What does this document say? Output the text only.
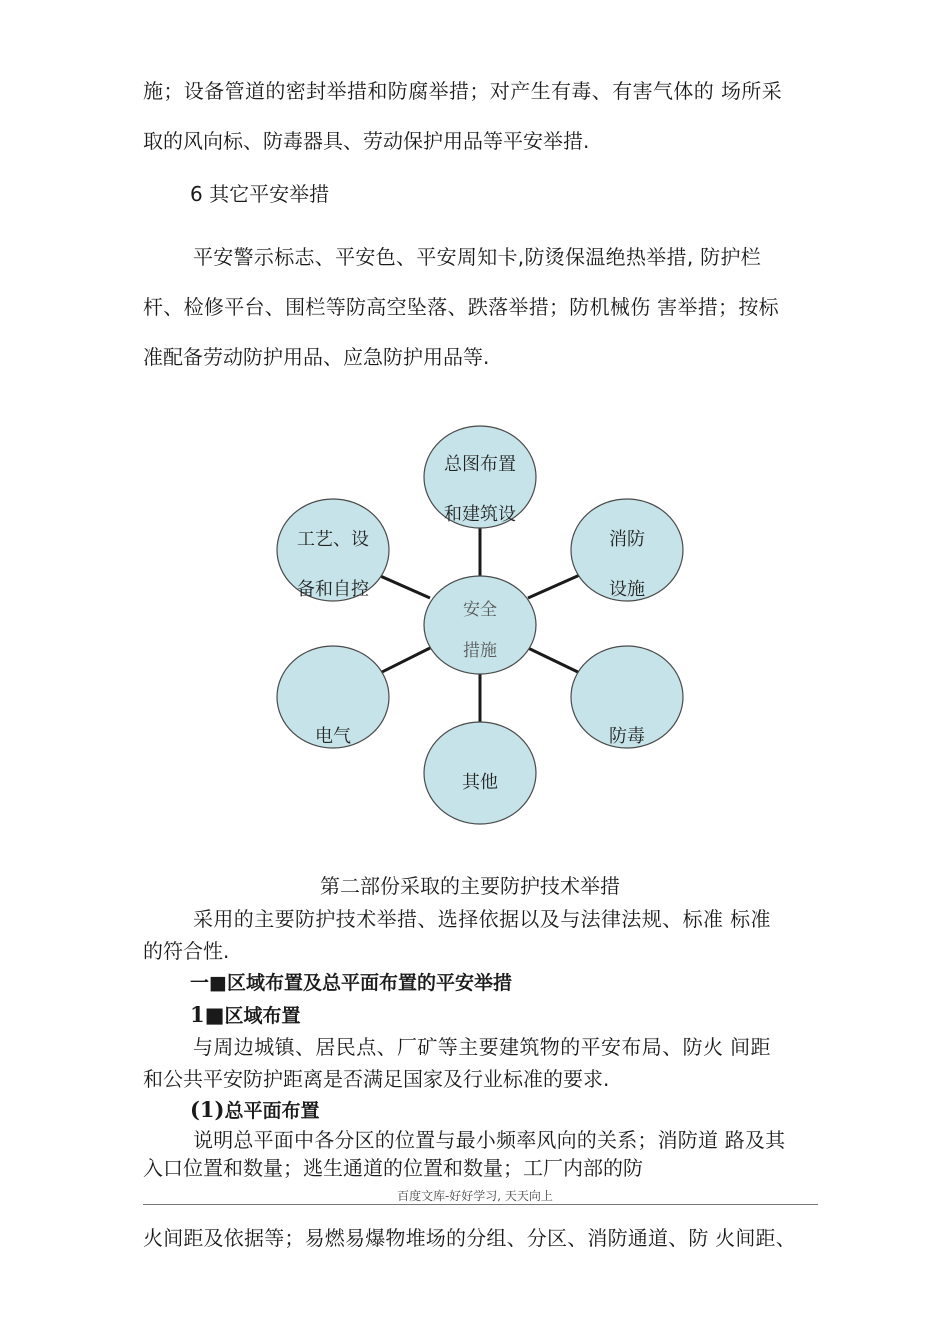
施；设备管道的密封举措和防腐举措；对产生有毒、有害气体的 场所采
取的风向标、防毒器具、劳动保护用品等平安举措.
6 其它平安举措
平安警示标志、平安色、平安周知卡,防烫保温绝热举措, 防护栏
杆、检修平台、围栏等防高空坠落、跌落举措；防机械伤 害举措；按标
准配备劳动防护用品、应急防护用品等.
安全
措施
总图布置
和建筑设
工艺、设
备和自控
消防
设施
电气	防毒
其他
第二部份采取的主要防护技术举措
采用的主要防护技术举措、选择依据以及与法律法规、标准 标准
的符合性.
一■区域布置及总平面布置的平安举措
1■区域布置
与周边城镇、居民点、厂矿等主要建筑物的平安布局、防火 间距
和公共平安防护距离是否满足国家及行业标准的要求.
(1)总平面布置
说明总平面中各分区的位置与最小频率风向的关系；消防道 路及其
入口位置和数量；逃生通道的位置和数量；工厂内部的防
百度文库-好好学习, 天天向上
火间距及依据等；易燃易爆物堆场的分组、分区、消防通道、防 火间距、
